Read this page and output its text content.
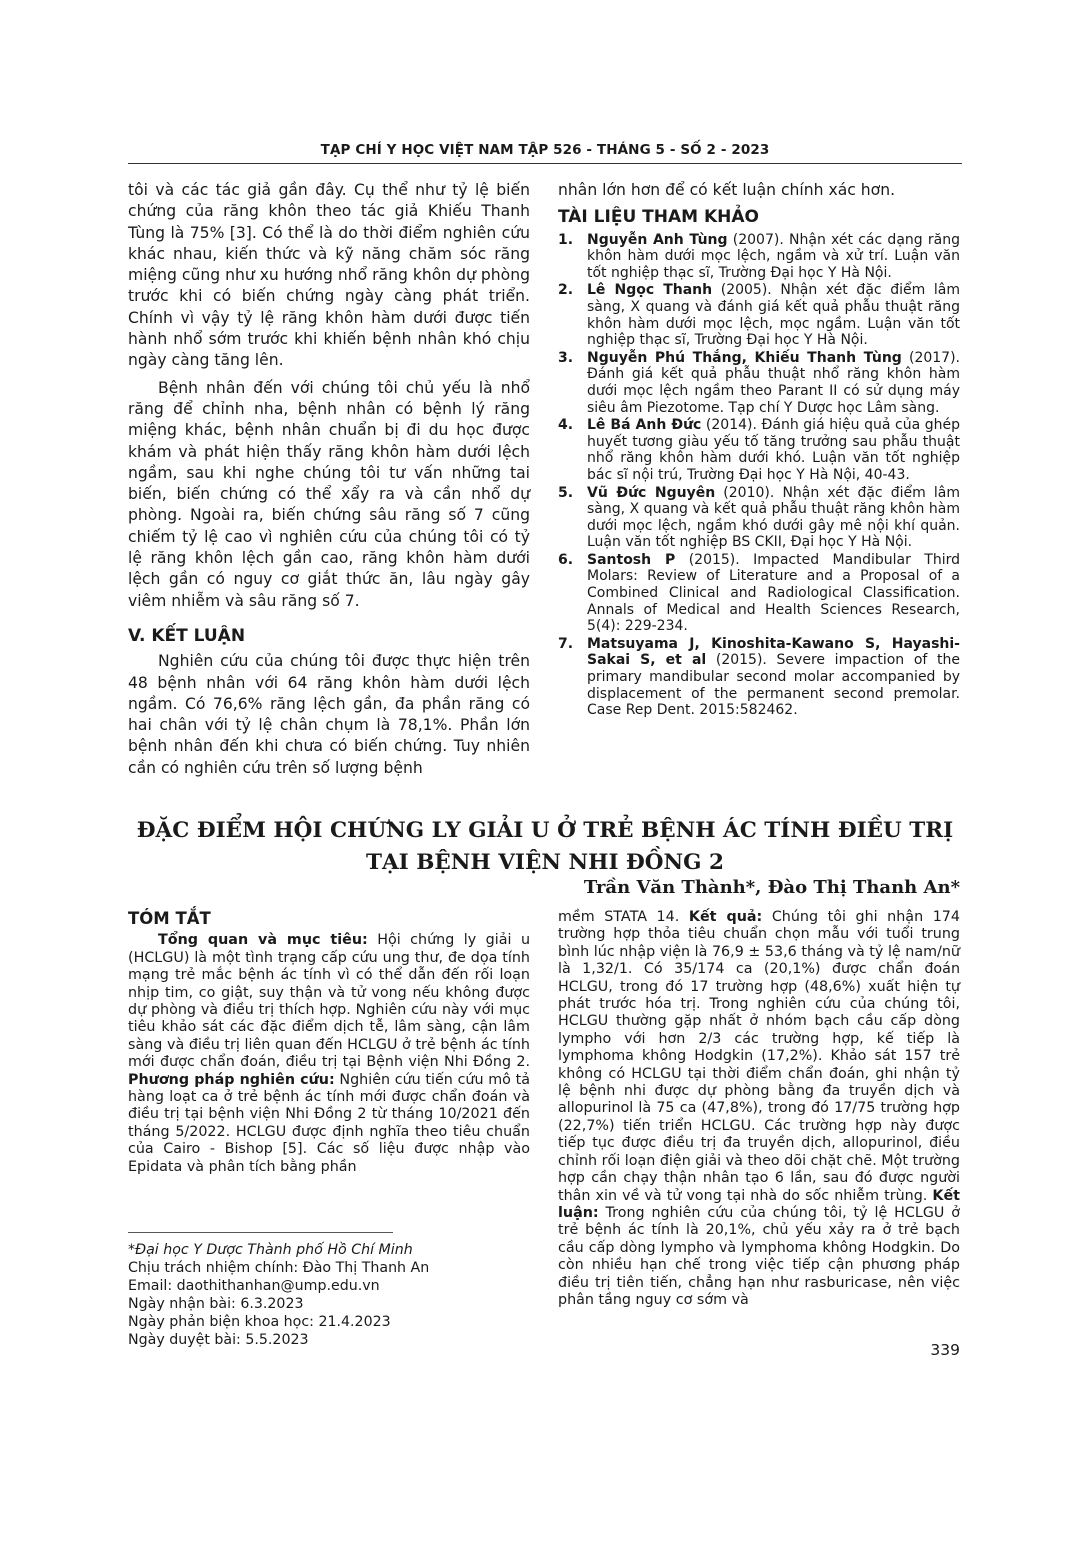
TẠP CHÍ Y HỌC VIỆT NAM TẬP 526 - THÁNG 5 - SỐ 2 - 2023

tôi và các tác giả gần đây. Cụ thể như tỷ lệ biến chứng của răng khôn theo tác giả Khiếu Thanh Tùng là 75% [3]. Có thể là do thời điểm nghiên cứu khác nhau, kiến thức và kỹ năng chăm sóc răng miệng cũng như xu hướng nhổ răng khôn dự phòng trước khi có biến chứng ngày càng phát triển. Chính vì vậy tỷ lệ răng khôn hàm dưới được tiến hành nhổ sớm trước khi khiến bệnh nhân khó chịu ngày càng tăng lên.

Bệnh nhân đến với chúng tôi chủ yếu là nhổ răng để chỉnh nha, bệnh nhân có bệnh lý răng miệng khác, bệnh nhân chuẩn bị đi du học được khám và phát hiện thấy răng khôn hàm dưới lệch ngầm, sau khi nghe chúng tôi tư vấn những tai biến, biến chứng có thể xẩy ra và cần nhổ dự phòng. Ngoài ra, biến chứng sâu răng số 7 cũng chiếm tỷ lệ cao vì nghiên cứu của chúng tôi có tỷ lệ răng khôn lệch gần cao, răng khôn hàm dưới lệch gần có nguy cơ giắt thức ăn, lâu ngày gây viêm nhiễm và sâu răng số 7.

V. KẾT LUẬN

Nghiên cứu của chúng tôi được thực hiện trên 48 bệnh nhân với 64 răng khôn hàm dưới lệch ngầm. Có 76,6% răng lệch gần, đa phần răng có hai chân với tỷ lệ chân chụm là 78,1%. Phần lớn bệnh nhân đến khi chưa có biến chứng. Tuy nhiên cần có nghiên cứu trên số lượng bệnh

nhân lớn hơn để có kết luận chính xác hơn.

TÀI LIỆU THAM KHẢO
1. Nguyễn Anh Tùng (2007). Nhận xét các dạng răng khôn hàm dưới mọc lệch, ngầm và xử trí. Luận văn tốt nghiệp thạc sĩ, Trường Đại học Y Hà Nội.
2. Lê Ngọc Thanh (2005). Nhận xét đặc điểm lâm sàng, X quang và đánh giá kết quả phẫu thuật răng khôn hàm dưới mọc lệch, mọc ngầm. Luận văn tốt nghiệp thạc sĩ, Trường Đại học Y Hà Nội.
3. Nguyễn Phú Thắng, Khiếu Thanh Tùng (2017). Đánh giá kết quả phẫu thuật nhổ răng khôn hàm dưới mọc lệch ngầm theo Parant II có sử dụng máy siêu âm Piezotome. Tạp chí Y Dược học Lâm sàng.
4. Lê Bá Anh Đức (2014). Đánh giá hiệu quả của ghép huyết tương giàu yếu tố tăng trưởng sau phẫu thuật nhổ răng khôn hàm dưới khó. Luận văn tốt nghiệp bác sĩ nội trú, Trường Đại học Y Hà Nội, 40-43.
5. Vũ Đức Nguyên (2010). Nhận xét đặc điểm lâm sàng, X quang và kết quả phẫu thuật răng khôn hàm dưới mọc lệch, ngầm khó dưới gây mê nội khí quản. Luận văn tốt nghiệp BS CKII, Đại học Y Hà Nội.
6. Santosh P (2015). Impacted Mandibular Third Molars: Review of Literature and a Proposal of a Combined Clinical and Radiological Classification. Annals of Medical and Health Sciences Research, 5(4): 229-234.
7. Matsuyama J, Kinoshita-Kawano S, Hayashi-Sakai S, et al (2015). Severe impaction of the primary mandibular second molar accompanied by displacement of the permanent second premolar. Case Rep Dent. 2015:582462.
ĐẶC ĐIỂM HỘI CHỨNG LY GIẢI U Ở TRẺ BỆNH ÁC TÍNH ĐIỀU TRỊ
TẠI BỆNH VIỆN NHI ĐỒNG 2
Trần Văn Thành*, Đào Thị Thanh An*
TÓM TẮT

Tổng quan và mục tiêu: Hội chứng ly giải u (HCLGU) là một tình trạng cấp cứu ung thư, đe dọa tính mạng trẻ mắc bệnh ác tính vì có thể dẫn đến rối loạn nhịp tim, co giật, suy thận và tử vong nếu không được dự phòng và điều trị thích hợp. Nghiên cứu này với mục tiêu khảo sát các đặc điểm dịch tễ, lâm sàng, cận lâm sàng và điều trị liên quan đến HCLGU ở trẻ bệnh ác tính mới được chẩn đoán, điều trị tại Bệnh viện Nhi Đồng 2. Phương pháp nghiên cứu: Nghiên cứu tiến cứu mô tả hàng loạt ca ở trẻ bệnh ác tính mới được chẩn đoán và điều trị tại bệnh viện Nhi Đồng 2 từ tháng 10/2021 đến tháng 5/2022. HCLGU được định nghĩa theo tiêu chuẩn của Cairo - Bishop [5]. Các số liệu được nhập vào Epidata và phân tích bằng phần

mềm STATA 14. Kết quả: Chúng tôi ghi nhận 174 trường hợp thỏa tiêu chuẩn chọn mẫu với tuổi trung bình lúc nhập viện là 76,9 ± 53,6 tháng và tỷ lệ nam/nữ là 1,32/1. Có 35/174 ca (20,1%) được chẩn đoán HCLGU, trong đó 17 trường hợp (48,6%) xuất hiện tự phát trước hóa trị. Trong nghiên cứu của chúng tôi, HCLGU thường gặp nhất ở nhóm bạch cầu cấp dòng lympho với hơn 2/3 các trường hợp, kế tiếp là lymphoma không Hodgkin (17,2%). Khảo sát 157 trẻ không có HCLGU tại thời điểm chẩn đoán, ghi nhận tỷ lệ bệnh nhi được dự phòng bằng đa truyền dịch và allopurinol là 75 ca (47,8%), trong đó 17/75 trường hợp (22,7%) tiến triển HCLGU. Các trường hợp này được tiếp tục được điều trị đa truyền dịch, allopurinol, điều chỉnh rối loạn điện giải và theo dõi chặt chẽ. Một trường hợp cần chạy thận nhân tạo 6 lần, sau đó được người thân xin về và tử vong tại nhà do sốc nhiễm trùng. Kết luận: Trong nghiên cứu của chúng tôi, tỷ lệ HCLGU ở trẻ bệnh ác tính là 20,1%, chủ yếu xảy ra ở trẻ bạch cầu cấp dòng lympho và lymphoma không Hodgkin. Do còn nhiều hạn chế trong việc tiếp cận phương pháp điều trị tiên tiến, chẳng hạn như rasburicase, nên việc phân tầng nguy cơ sớm và

*Đại học Y Dược Thành phố Hồ Chí Minh
Chịu trách nhiệm chính: Đào Thị Thanh An
Email: daothithanhan@ump.edu.vn
Ngày nhận bài: 6.3.2023
Ngày phản biện khoa học: 21.4.2023
Ngày duyệt bài: 5.5.2023
339
